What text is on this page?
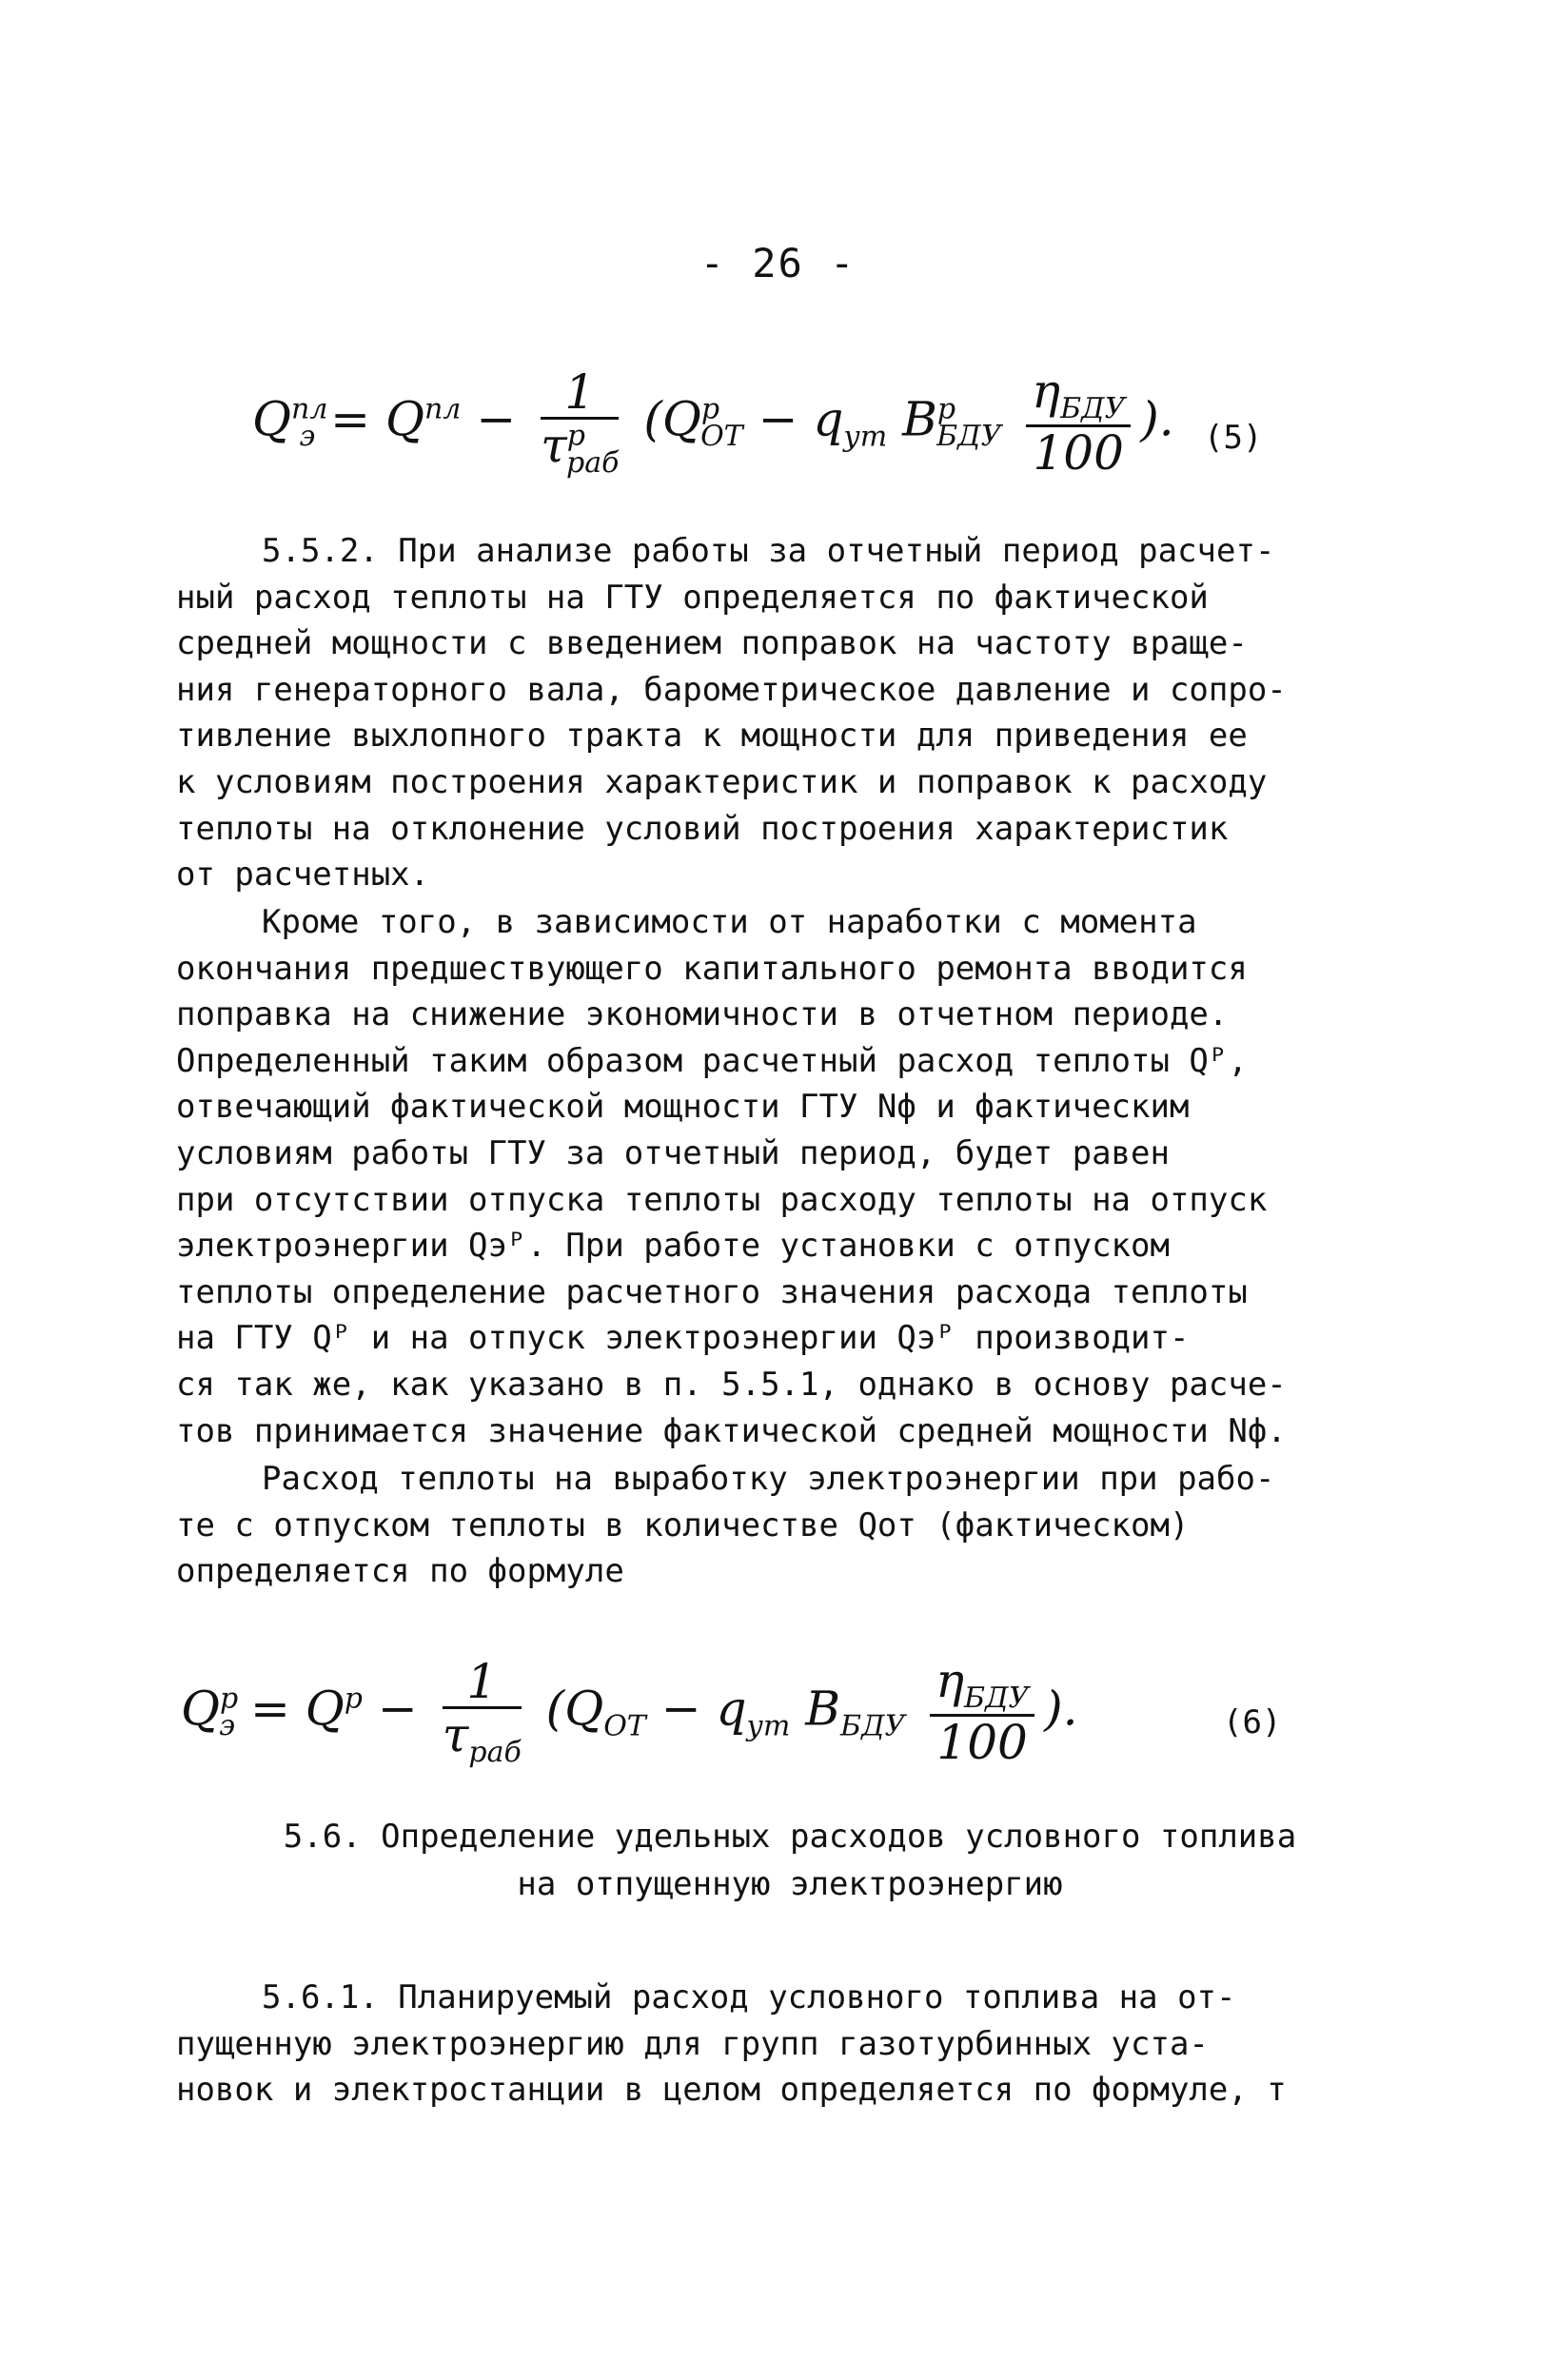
- 26 -
$Q^{пл}_э = Q^{пл} - \frac{1}{\tau^р_{раб}} (Q^р_{ОТ} - q_{ут}$ $B^р_{БДУ} \frac{\eta_{БДУ}}{100}$ ). (5)
5.5.2. При анализе работы за отчетный период расчет-
ный расход теплоты на ГТУ определяется по фактической
средней мощности с введением поправок на частоту враще-
ния генераторного вала, барометрическое давление и сопро-
тивление выхлопного тракта к мощности для приведения ее
к условиям построения характеристик и поправок к расходу
теплоты на отклонение условий построения характеристик
от расчетных.
Кроме того, в зависимости от наработки с момента
окончания предшествующего капитального ремонта вводится
поправка на снижение экономичности в отчетном периоде.
Определенный таким образом расчетный расход теплоты Qᴾ,
отвечающий фактической мощности ГТУ Nф и фактическим
условиям работы ГТУ за отчетный период, будет равен
при отсутствии отпуска теплоты расходу теплоты на отпуск
электроэнергии Qэᴾ. При работе установки с отпуском
теплоты определение расчетного значения расхода теплоты
на ГТУ Qᴾ и на отпуск электроэнергии Qэᴾ производит-
ся так же, как указано в п. 5.5.1, однако в основу расче-
тов принимается значение фактической средней мощности Nф.
Расход теплоты на выработку электроэнергии при рабо-
те с отпуском теплоты в количестве Qот (фактическом)
определяется по формуле
$Q^р_э = Q^р - \frac{1}{\tau_{раб}} (Q_{ОТ} - q_{ут}$ $B_{БДУ} \frac{\eta_{БДУ}}{100}$ ).	(6)
5.6. Определение удельных расходов условного топлива
на отпущенную электроэнергию
5.6.1. Планируемый расход условного топлива на от-
пущенную электроэнергию для групп газотурбинных уста-
новок и электростанции в целом определяется по формуле, т
